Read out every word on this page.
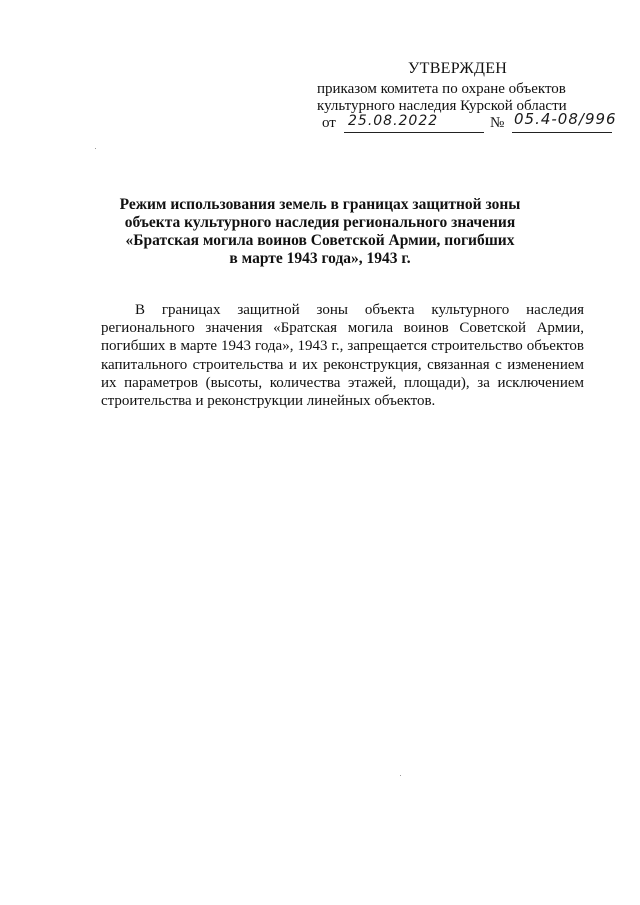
УТВЕРЖДЕН
приказом комитета по охране объектов
культурного наследия Курской области
от 25.08.2022	№ 05.4-08/996
Режим использования земель в границах защитной зоны
объекта культурного наследия регионального значения
«Братская могила воинов Советской Армии, погибших
в марте 1943 года», 1943 г.
В границах защитной зоны объекта культурного наследия регионального значения «Братская могила воинов Советской Армии, погибших в марте 1943 года», 1943 г., запрещается строительство объектов капитального строительства и их реконструкция, связанная с изменением их параметров (высоты, количества этажей, площади), за исключением строительства и реконструкции линейных объектов.
